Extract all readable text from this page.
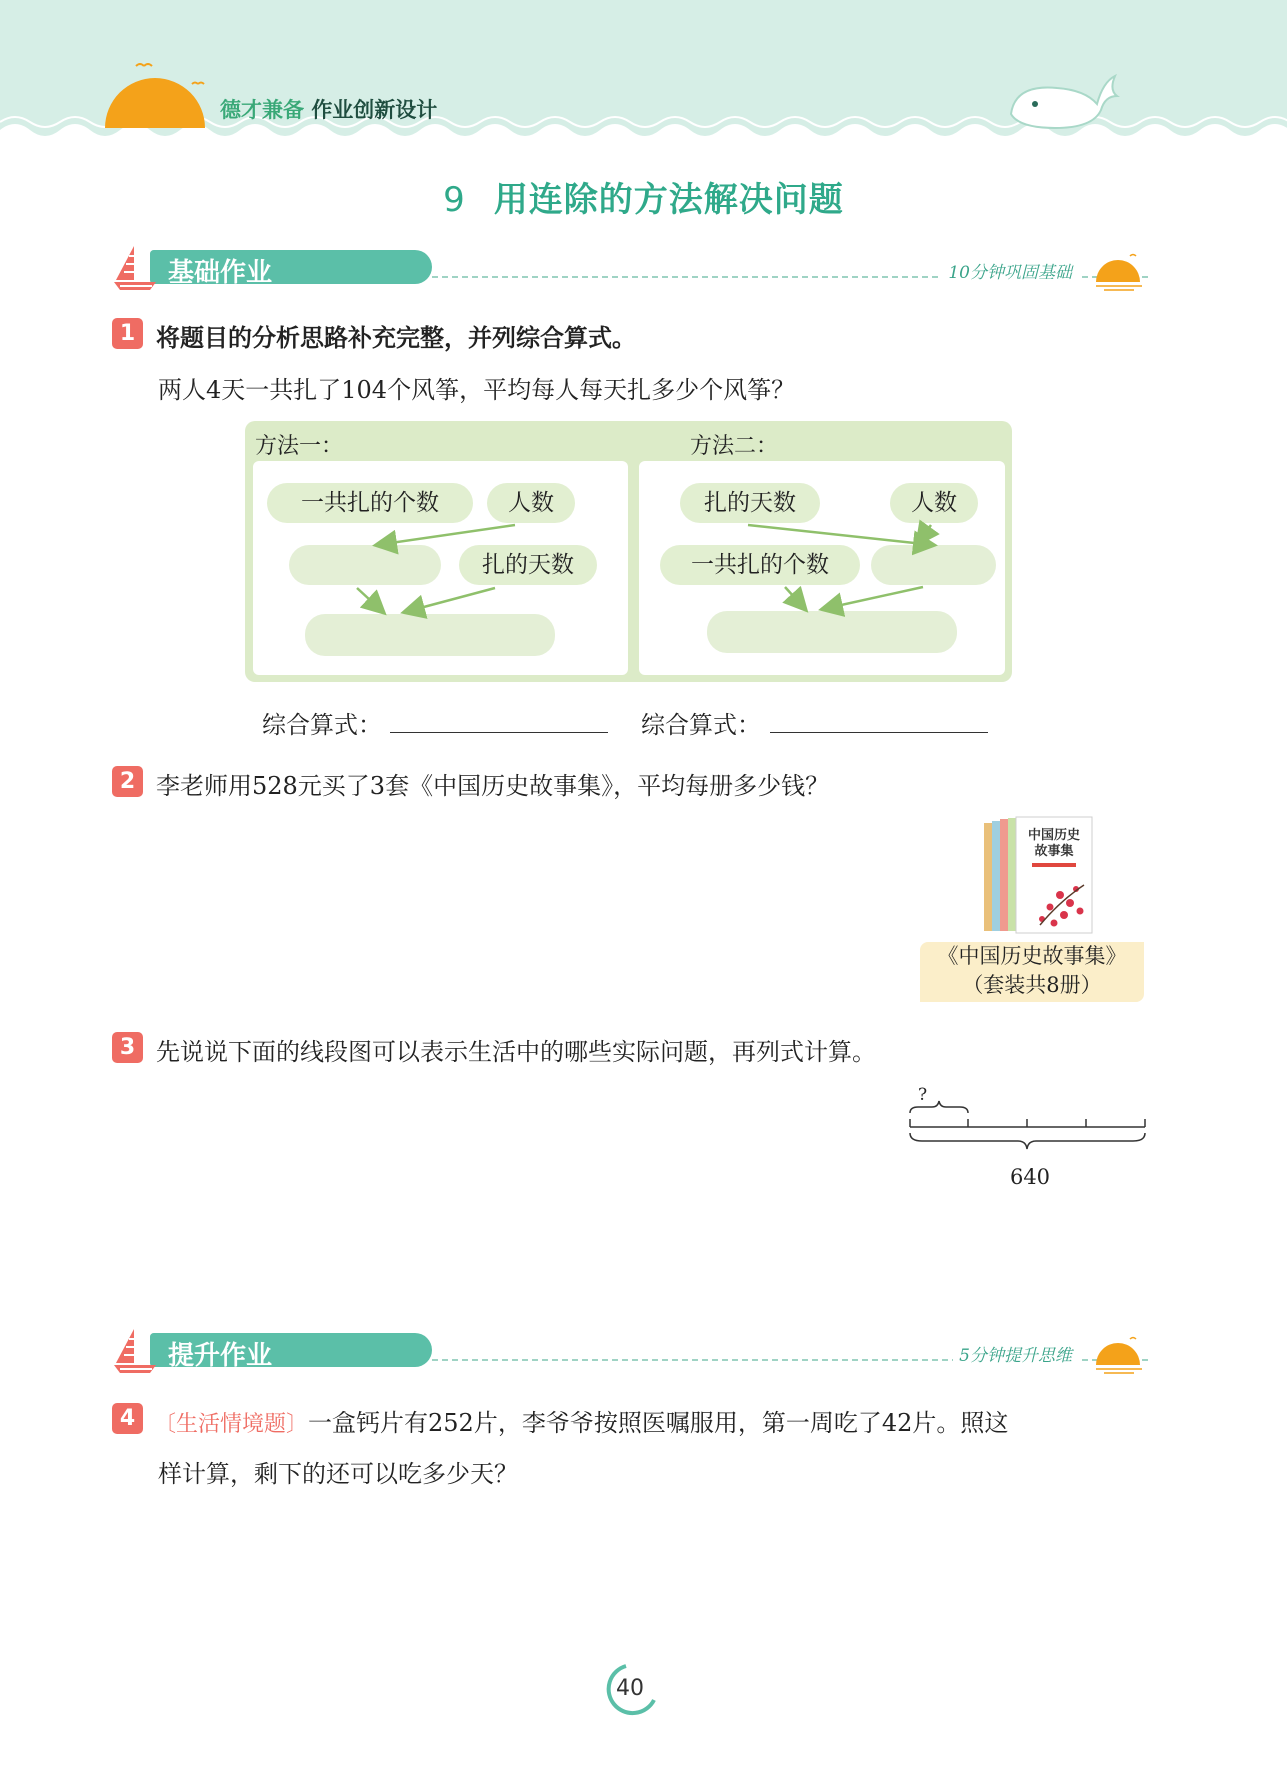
德才兼备 作业创新设计
9 用连除的方法解决问题
基础作业	10分钟巩固基础
1 将题目的分析思路补充完整，并列综合算式。
两人4天一共扎了104个风筝，平均每人每天扎多少个风筝？
方法一：	方法二：
一共扎的个数	人数
扎的天数
扎的天数	人数
一共扎的个数
综合算式：	综合算式：
2 李老师用528元买了3套《中国历史故事集》，平均每册多少钱？
中国历史
故事集
《中国历史故事集》
（套装共8册）
3 先说说下面的线段图可以表示生活中的哪些实际问题，再列式计算。
?
640
提升作业	5分钟提升思维
4 〔生活情境题〕一盒钙片有252片，李爷爷按照医嘱服用，第一周吃了42片。照这
样计算，剩下的还可以吃多少天？
40
